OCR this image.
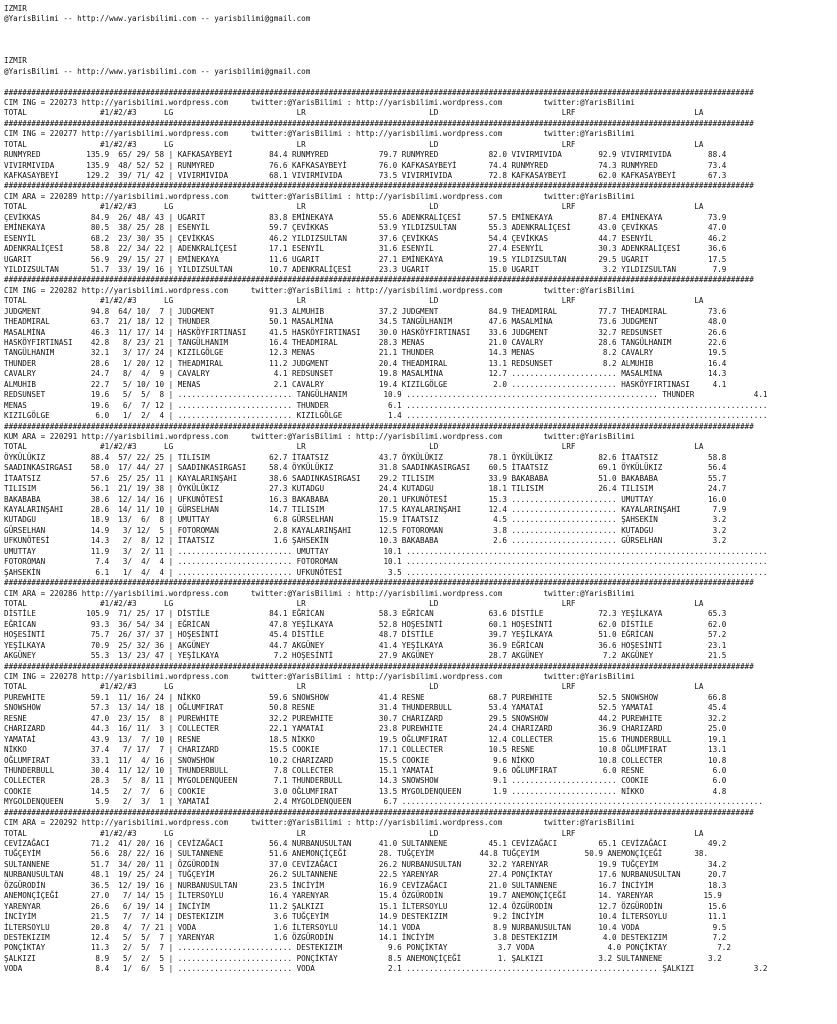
IZMIR
@YarisBilimi -- http://www.yarisbilimi.com -- yarisbilimi@gmail.com
IZMIR
@YarisBilimi -- http://www.yarisbilimi.com -- yarisbilimi@gmail.com
####################################################################################################################################################################
CIM ING = 220273 http://yarisbilimi.wordpress.com     twitter:@YarisBilimi : http://yarisbilimi.wordpress.com         twitter:@YarisBilimi
TOTAL                #1/#2/#3      LG                           LR                           LD                           LRF                          LA
####################################################################################################################################################################
CIM ING = 220277 http://yarisbilimi.wordpress.com     twitter:@YarisBilimi : http://yarisbilimi.wordpress.com         twitter:@YarisBilimi
TOTAL                #1/#2/#3      LG                           LR                           LD                           LRF                          LA
RUNMYRED          135.9  65/ 29/ 58 | KAFKASAYBEYİ        84.4 RUNMYRED           79.7 RUNMYRED           82.0 VIVIRMIVIDA        92.9 VIVIRMIVIDA        88.4
VIVIRMIVIDA       135.9  48/ 52/ 52 | RUNMYRED            76.6 KAFKASAYBEYİ       76.0 KAFKASAYBEYİ       74.4 RUNMYRED           74.3 RUNMYRED           73.4
KAFKASAYBEYİ      129.2  39/ 71/ 42 | VIVIRMIVIDA         68.1 VIVIRMIVIDA        73.5 VIVIRMIVIDA        72.8 KAFKASAYBEYİ       62.0 KAFKASAYBEYİ       67.3
####################################################################################################################################################################
CIM ARA = 220289 http://yarisbilimi.wordpress.com     twitter:@YarisBilimi : http://yarisbilimi.wordpress.com         twitter:@YarisBilimi
TOTAL                #1/#2/#3      LG                           LR                           LD                           LRF                          LA
ÇEVİKKAS           84.9  26/ 48/ 43 | UGARIT              83.8 EMİNEKAYA          55.6 ADENKRALİÇESİ      57.5 EMİNEKAYA          87.4 EMİNEKAYA          73.9
EMİNEKAYA          80.5  38/ 25/ 28 | ESENYİL             59.7 ÇEVİKKAS           53.9 YILDIZSULTAN       55.3 ADENKRALİÇESİ      43.0 ÇEVİKKAS           47.0
ESENYİL            68.2  23/ 30/ 35 | ÇEVİKKAS            46.2 YILDIZSULTAN       37.6 ÇEVİKKAS           54.4 ÇEVİKKAS           44.7 ESENYİL            46.2
ADENKRALİÇESİ      58.8  22/ 34/ 22 | ADENKRALİÇESİ       17.1 ESENYİL            31.6 ESENYİL            27.4 ESENYİL            30.3 ADENKRALİÇESİ      36.6
UGARIT             56.9  29/ 15/ 27 | EMİNEKAYA           11.6 UGARIT             27.1 EMİNEKAYA          19.5 YILDIZSULTAN       29.5 UGARIT             17.5
YILDIZSULTAN       51.7  33/ 19/ 16 | YILDIZSULTAN        10.7 ADENKRALİÇESİ      23.3 UGARIT             15.0 UGARIT              3.2 YILDIZSULTAN        7.9
####################################################################################################################################################################
CIM ING = 220282 http://yarisbilimi.wordpress.com     twitter:@YarisBilimi : http://yarisbilimi.wordpress.com         twitter:@YarisBilimi
TOTAL                #1/#2/#3      LG                           LR                           LD                           LRF                          LA
JUDGMENT           94.8  64/ 10/  7 | JUDGMENT            91.3 ALMUHIB            37.2 JUDGMENT           84.9 THEADMIRAL         77.7 THEADMIRAL         73.6
THEADMIRAL         63.7  21/ 18/ 12 | THUNDER             50.1 MASALMİNA          34.5 TANGÜLHANIM        47.6 MASALMİNA          73.6 JUDGMENT           48.0
MASALMİNA          46.3  11/ 17/ 14 | HASKÖYFIRTINASI     41.5 HASKÖYFIRTINASI    30.0 HASKÖYFIRTINASI    33.6 JUDGMENT           32.7 REDSUNSET          26.6
HASKÖYFIRTINASI    42.8   8/ 23/ 21 | TANGÜLHANIM         16.4 THEADMIRAL         28.3 MENAS              21.0 CAVALRY            28.6 TANGÜLHANIM        22.6
TANGÜLHANIM        32.1   3/ 17/ 24 | KIZILGÖLGE          12.3 MENAS              21.1 THUNDER            14.3 MENAS               8.2 CAVALRY            19.5
THUNDER            28.6   1/ 20/ 12 | THEADMIRAL          11.2 JUDGMENT           20.4 THEADMIRAL         13.1 REDSUNSET           8.2 ALMUHIB            16.4
CAVALRY            24.7   8/  4/  9 | CAVALRY              4.1 REDSUNSET          19.8 MASALMİNA          12.7 ....................... MASALMİNA          14.3
ALMUHIB            22.7   5/ 10/ 10 | MENAS                2.1 CAVALRY            19.4 KIZILGÖLGE          2.0 ....................... HASKÖYFIRTINASI     4.1
REDSUNSET          19.6   5/  5/  8 | ......................... TANGÜLHANIM        10.9 ....................................................... THUNDER             4.1
MENAS              19.6   6/  7/ 12 | ......................... THUNDER             6.1 ...............................................................................
KIZILGÖLGE          6.0   1/  2/  4 | ......................... KIZILGÖLGE          1.4 ...............................................................................
####################################################################################################################################################################
KUM ARA = 220291 http://yarisbilimi.wordpress.com     twitter:@YarisBilimi : http://yarisbilimi.wordpress.com         twitter:@YarisBilimi
TOTAL                #1/#2/#3      LG                           LR                           LD                           LRF                          LA
ÖYKÜLÜKIZ          88.4  57/ 22/ 25 | TILISIM             62.7 İTAATSIZ           43.7 ÖYKÜLÜKIZ          78.1 ÖYKÜLÜKIZ          82.6 İTAATSIZ           58.8
SAADINKASIRGASI    58.0  17/ 44/ 27 | SAADINKASIRGASI     58.4 ÖYKÜLÜKIZ          31.8 SAADINKASIRGASI    60.5 İTAATSIZ           69.1 ÖYKÜLÜKIZ          56.4
İTAATSIZ           57.6  25/ 25/ 11 | KAYALARINŞAHI       38.6 SAADINKASIRGASI    29.2 TILISIM            33.9 BAKABABA           51.0 BAKABABA           55.7
TILISIM            56.1  21/ 19/ 38 | ÖYKÜLÜKIZ           27.3 KUTADGU            24.4 KUTADGU            18.1 TILISIM            26.4 TILISIM            24.7
BAKABABA           38.6  12/ 14/ 16 | UFKUNÖTESİ          16.3 BAKABABA           20.1 UFKUNÖTESİ         15.3 ....................... UMUTTAY            16.0
KAYALARINŞAHI      28.6  14/ 11/ 10 | GÜRSELHAN           14.7 TILISIM            17.5 KAYALARINŞAHI      12.4 ....................... KAYALARINŞAHI       7.9
KUTADGU            18.9  13/  6/  8 | UMUTTAY              6.8 GÜRSELHAN          15.9 İTAATSIZ            4.5 ....................... ŞAHSEKİN            3.2
GÜRSELHAN          14.9   3/ 12/  5 | FOTOROMAN            2.8 KAYALARINŞAHI      12.5 FOTOROMAN           3.8 ....................... KUTADGU             3.2
UFKUNÖTESİ         14.3   2/  8/ 12 | İTAATSIZ             1.6 ŞAHSEKİN           10.3 BAKABABA            2.6 ....................... GÜRSELHAN           3.2
UMUTTAY            11.9   3/  2/ 11 | ......................... UMUTTAY            10.1 ...............................................................................
FOTOROMAN           7.4   3/  4/  4 | ......................... FOTOROMAN          10.1 ...............................................................................
ŞAHSEKİN            6.1   1/  4/  4 | ......................... UFKUNÖTESİ          3.5 ...............................................................................
####################################################################################################################################################################
CIM ARA = 220286 http://yarisbilimi.wordpress.com     twitter:@YarisBilimi : http://yarisbilimi.wordpress.com         twitter:@YarisBilimi
TOTAL                #1/#2/#3      LG                           LR                           LD                           LRF                          LA
DİSTİLE           105.9  71/ 25/ 17 | DİSTİLE             84.1 EĞRİCAN            58.3 EĞRİCAN            63.6 DİSTİLE            72.3 YEŞİLKAYA          65.3
EĞRİCAN            93.3  36/ 54/ 34 | EĞRİCAN             47.8 YEŞİLKAYA          52.8 HOŞESİNTİ          60.1 HOŞESİNTİ          62.0 DİSTİLE            62.0
HOŞESİNTİ          75.7  26/ 37/ 37 | HOŞESİNTİ           45.4 DİSTİLE            48.7 DİSTİLE            39.7 YEŞİLKAYA          51.0 EĞRİCAN            57.2
YEŞİLKAYA          70.9  25/ 32/ 36 | AKGÜNEY             44.7 AKGÜNEY            41.4 YEŞİLKAYA          36.9 EĞRİCAN            36.6 HOŞESİNTİ          23.1
AKGÜNEY            55.3  13/ 23/ 47 | YEŞİLKAYA            7.2 HOŞESİNTİ          27.9 AKGÜNEY            28.7 AKGÜNEY             7.2 AKGÜNEY            21.5
####################################################################################################################################################################
CIM ING = 220278 http://yarisbilimi.wordpress.com     twitter:@YarisBilimi : http://yarisbilimi.wordpress.com         twitter:@YarisBilimi
TOTAL                #1/#2/#3      LG                           LR                           LD                           LRF                          LA
PUREWHITE          59.1  11/ 16/ 24 | NİKKO               59.6 SNOWSHOW           41.4 RESNE              68.7 PUREWHITE          52.5 SNOWSHOW           66.8
SNOWSHOW           57.3  13/ 14/ 18 | OĞLUMFIRAT          50.8 RESNE              31.4 THUNDERBULL        53.4 YAMATAİ            52.5 YAMATAİ            45.4
RESNE              47.0  23/ 15/  8 | PUREWHITE           32.2 PUREWHITE          30.7 CHARIZARD          29.5 SNOWSHOW           44.2 PUREWHITE          32.2
CHARIZARD          44.3  16/ 11/  3 | COLLECTER           22.1 YAMATAİ            23.8 PUREWHITE          24.4 CHARIZARD          36.9 CHARIZARD          25.0
YAMATAİ            43.9  13/  7/ 10 | RESNE               18.5 NİKKO              19.5 OĞLUMFIRAT         12.4 COLLECTER          15.6 THUNDERBULL        19.1
NİKKO              37.4   7/ 17/  7 | CHARIZARD           15.5 COOKIE             17.1 COLLECTER          10.5 RESNE              10.8 OĞLUMFIRAT         13.1
OĞLUMFIRAT         33.1  11/  4/ 16 | SNOWSHOW            10.2 CHARIZARD          15.5 COOKIE              9.6 NİKKO              10.8 COLLECTER          10.8
THUNDERBULL        30.4  11/ 12/ 10 | THUNDERBULL          7.8 COLLECTER          15.1 YAMATAİ             9.6 OĞLUMFIRAT          6.0 RESNE               6.0
COLLECTER          28.3   5/  8/ 11 | MYGOLDENQUEEN        7.1 THUNDERBULL        14.3 SNOWSHOW            9.1 ....................... COOKIE              6.0
COOKIE             14.5   2/  7/  6 | COOKIE               3.0 OĞLUMFIRAT         13.5 MYGOLDENQUEEN       1.9 ....................... NİKKO               4.8
MYGOLDENQUEEN       5.9   2/  3/  1 | YAMATAİ              2.4 MYGOLDENQUEEN       6.7 ...............................................................................
####################################################################################################################################################################
CIM ARA = 220292 http://yarisbilimi.wordpress.com     twitter:@YarisBilimi : http://yarisbilimi.wordpress.com         twitter:@YarisBilimi
TOTAL                #1/#2/#3      LG                           LR                           LD                           LRF                          LA
CEVİZAĞACI         71.2  41/ 20/ 16 | CEVİZAĞACI          56.4 NURBANUSULTAN      41.0 SULTANNENE         45.1 CEVİZAĞACI         65.1 CEVİZAĞACI         49.2
TUĞÇEYİM           56.6  28/ 22/ 16 | SULTANNENE          51.6 ANEMONÇİÇEĞİ       28. TUĞÇEYİM          44.8 TUĞÇEYİM          50.9 ANEMONÇİÇEĞİ       38.
SULTANNENE         51.7  34/ 20/ 11 | ÖZGÜRODİN           37.0 CEVİZAĞACI         26.2 NURBANUSULTAN      32.2 YARENYAR           19.9 TUĞÇEYİM           34.2
NURBANUSULTAN      48.1  19/ 25/ 24 | TUĞÇEYİM            26.2 SULTANNENE         22.5 YARENYAR           27.4 PONÇİKTAY          17.6 NURBANUSULTAN      20.7
ÖZGÜRODİN          36.5  12/ 19/ 16 | NURBANUSULTAN       23.5 İNCİYİM            16.9 CEVİZAĞACI         21.0 SULTANNENE         16.7 İNCİYİM            18.3
ANEMONÇİÇEĞİ       27.0   7/ 14/ 15 | İLTERSOYLU          16.4 YARENYAR           15.4 ÖZGÜRODİN          19.7 ANEMONÇİÇEĞİ       14. YARENYAR           15.9
YARENYAR           26.6   6/ 19/ 14 | İNCİYİM             11.2 ŞALKIZI            15.1 İLTERSOYLU         12.4 ÖZGÜRODİN          12.7 ÖZGÜRODİN          15.6
İNCİYİM            21.5   7/  7/ 14 | DESTEKIZIM           3.6 TUĞÇEYİM           14.9 DESTEKIZIM          9.2 İNCİYİM            10.4 İLTERSOYLU         11.1
İLTERSOYLU         20.8   4/  7/ 21 | VODA                 1.6 İLTERSOYLU         14.1 VODA                8.9 NURBANUSULTAN      10.4 VODA                9.5
DESTEKIZIM         12.4   5/  5/  7 | YARENYAR             1.6 ÖZGÜRODİN          14.1 İNCİYİM             3.8 DESTEKIZIM          4.0 DESTEKIZIM          7.2
PONÇİKTAY          11.3   2/  5/  7 | ......................... DESTEKIZIM          9.6 PONÇİKTAY           3.7 VODA                4.0 PONÇİKTAY           7.2
ŞALKIZI             8.9   5/  2/  5 | ......................... PONÇİKTAY           8.5 ANEMONÇİÇEĞİ        1. ŞALKIZI            3.2 SULTANNENE          3.2
VODA                8.4   1/  6/  5 | ......................... VODA                2.1 ....................................................... ŞALKIZI             3.2
